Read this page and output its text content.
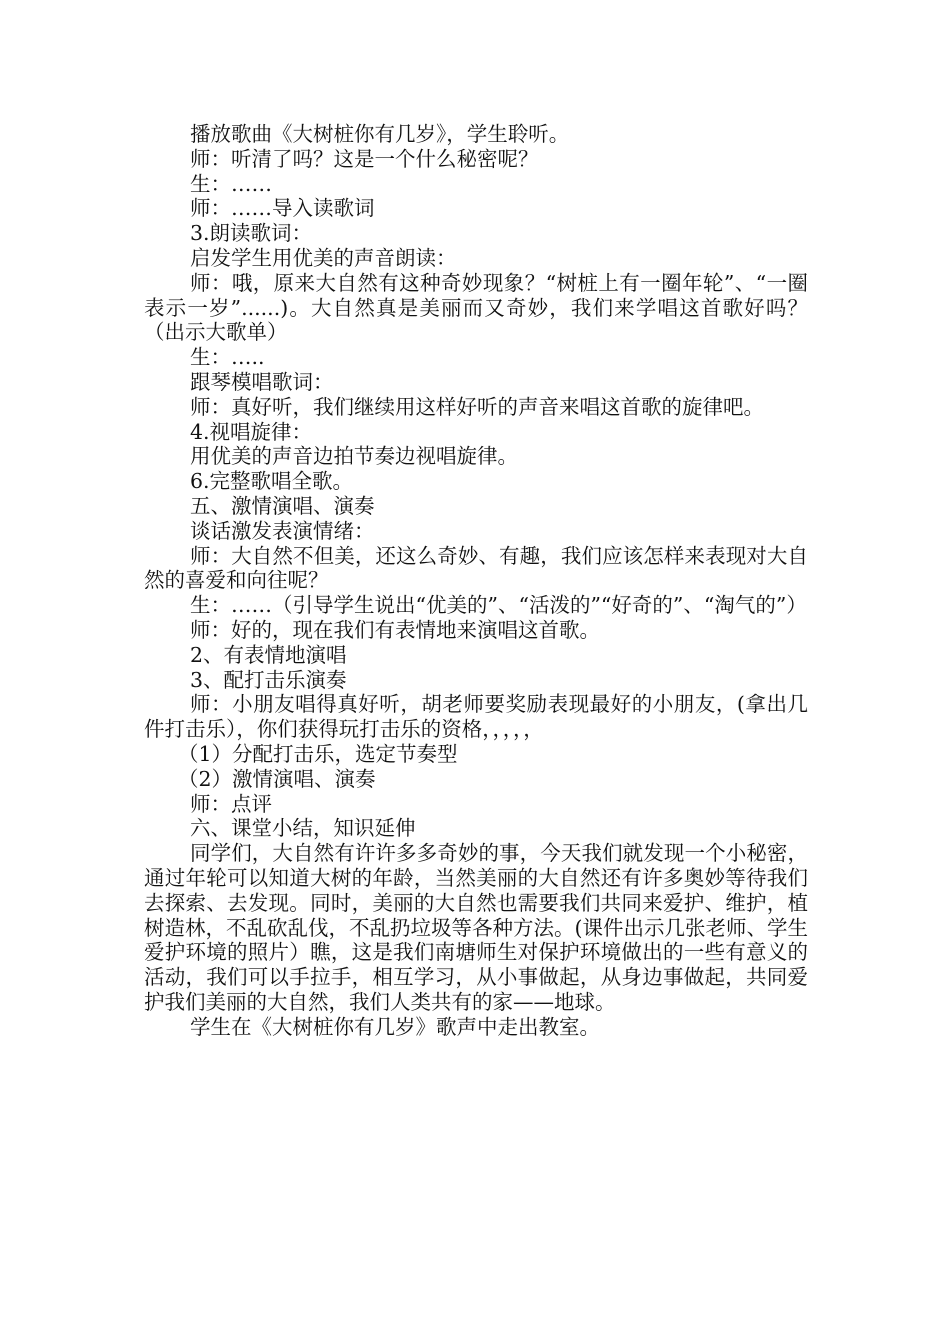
播放歌曲《大树桩你有几岁》，学生聆听。

师：听清了吗？这是一个什么秘密呢？

生：……

师：……导入读歌词

3.朗读歌词：

启发学生用优美的声音朗读：

师：哦，原来大自然有这种奇妙现象？“树桩上有一圈年轮”、“一圈表示一岁”......)。大自然真是美丽而又奇妙，我们来学唱这首歌好吗？（出示大歌单）

生：…..

跟琴模唱歌词：

师：真好听，我们继续用这样好听的声音来唱这首歌的旋律吧。

4.视唱旋律：

用优美的声音边拍节奏边视唱旋律。

6.完整歌唱全歌。

五、激情演唱、演奏

谈话激发表演情绪：

师：大自然不但美，还这么奇妙、有趣，我们应该怎样来表现对大自然的喜爱和向往呢？

生：……（引导学生说出“优美的”、“活泼的”“好奇的”、“淘气的”）

师：好的，现在我们有表情地来演唱这首歌。

2、有表情地演唱

3、配打击乐演奏

师：小朋友唱得真好听，胡老师要奖励表现最好的小朋友，(拿出几件打击乐），你们获得玩打击乐的资格，，，，，

（1）分配打击乐，选定节奏型

（2）激情演唱、演奏

师：点评

六、课堂小结，知识延伸

同学们，大自然有许许多多奇妙的事，今天我们就发现一个小秘密，通过年轮可以知道大树的年龄，当然美丽的大自然还有许多奥妙等待我们去探索、去发现。同时，美丽的大自然也需要我们共同来爱护、维护，植树造林，不乱砍乱伐，不乱扔垃圾等各种方法。(课件出示几张老师、学生爱护环境的照片）瞧，这是我们南塘师生对保护环境做出的一些有意义的活动，我们可以手拉手，相互学习，从小事做起，从身边事做起，共同爱护我们美丽的大自然，我们人类共有的家——地球。

学生在《大树桩你有几岁》歌声中走出教室。
